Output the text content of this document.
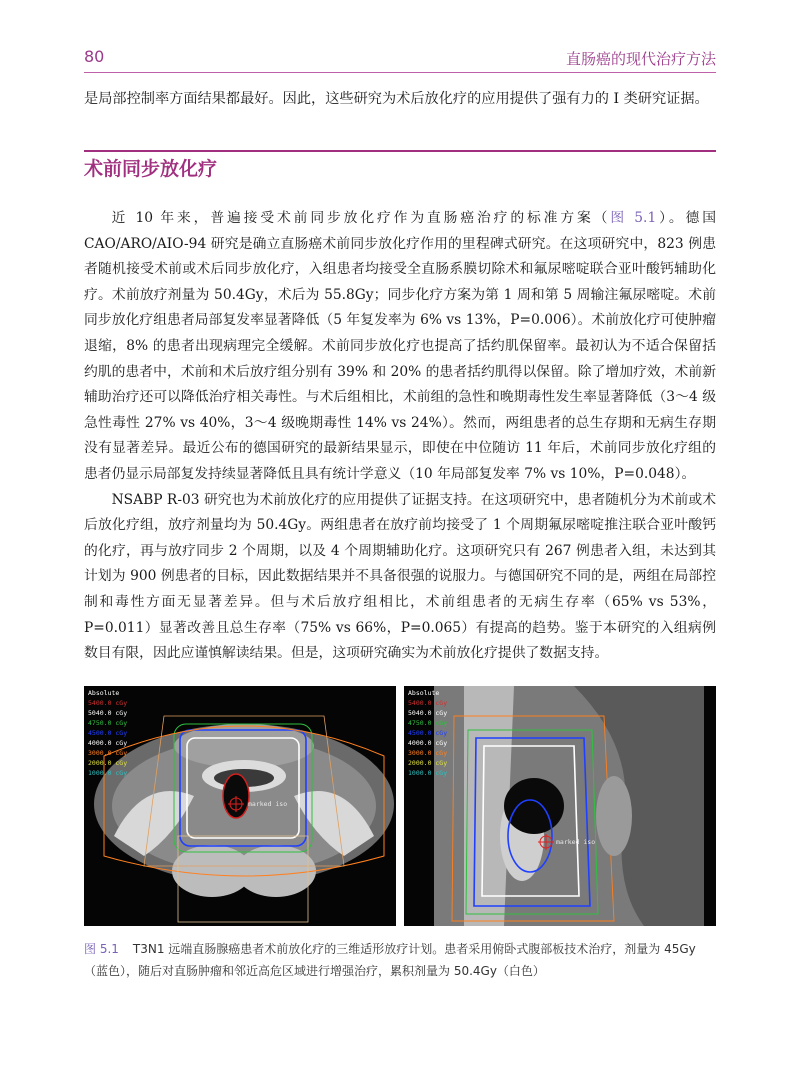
80	直肠癌的现代治疗方法
是局部控制率方面结果都最好。因此，这些研究为术后放化疗的应用提供了强有力的 I 类研究证据。
术前同步放化疗

近 10 年来，普遍接受术前同步放化疗作为直肠癌治疗的标准方案（图 5.1）。德国 CAO/ARO/AIO-94 研究是确立直肠癌术前同步放化疗作用的里程碑式研究。在这项研究中，823 例患者随机接受术前或术后同步放化疗，入组患者均接受全直肠系膜切除术和氟尿嘧啶联合亚叶酸钙辅助化疗。术前放疗剂量为 50.4Gy，术后为 55.8Gy；同步化疗方案为第 1 周和第 5 周输注氟尿嘧啶。术前同步放化疗组患者局部复发率显著降低（5 年复发率为 6% vs 13%，P=0.006）。术前放化疗可使肿瘤退缩，8% 的患者出现病理完全缓解。术前同步放化疗也提高了括约肌保留率。最初认为不适合保留括约肌的患者中，术前和术后放疗组分别有 39% 和 20% 的患者括约肌得以保留。除了增加疗效，术前新辅助治疗还可以降低治疗相关毒性。与术后组相比，术前组的急性和晚期毒性发生率显著降低（3～4 级急性毒性 27% vs 40%，3～4 级晚期毒性 14% vs 24%）。然而，两组患者的总生存期和无病生存期没有显著差异。最近公布的德国研究的最新结果显示，即使在中位随访 11 年后，术前同步放化疗组的患者仍显示局部复发持续显著降低且具有统计学意义（10 年局部复发率 7% vs 10%，P=0.048）。

NSABP R-03 研究也为术前放化疗的应用提供了证据支持。在这项研究中，患者随机分为术前或术后放化疗组，放疗剂量均为 50.4Gy。两组患者在放疗前均接受了 1 个周期氟尿嘧啶推注联合亚叶酸钙的化疗，再与放疗同步 2 个周期，以及 4 个周期辅助化疗。这项研究只有 267 例患者入组，未达到其计划为 900 例患者的目标，因此数据结果并不具备很强的说服力。与德国研究不同的是，两组在局部控制和毒性方面无显著差异。但与术后放疗组相比，术前组患者的无病生存率（65% vs 53%，P=0.011）显著改善且总生存率（75% vs 66%，P=0.065）有提高的趋势。鉴于本研究的入组病例数目有限，因此应谨慎解读结果。但是，这项研究确实为术前放化疗提供了数据支持。

Absolute
5400.0 cGy
5040.0 cGy
4750.0 cGy
4500.0 cGy
4000.0 cGy
3000.0 cGy
2000.0 cGy
1000.0 cGy
marked iso
Absolute
5400.0 cGy
5040.0 cGy
4750.0 cGy
4500.0 cGy
4000.0 cGy
3000.0 cGy
2000.0 cGy
1000.0 cGy
marked iso
图 5.1 T3N1 远端直肠腺癌患者术前放化疗的三维适形放疗计划。患者采用俯卧式腹部板技术治疗，剂量为 45Gy（蓝色），随后对直肠肿瘤和邻近高危区域进行增强治疗，累积剂量为 50.4Gy（白色）
